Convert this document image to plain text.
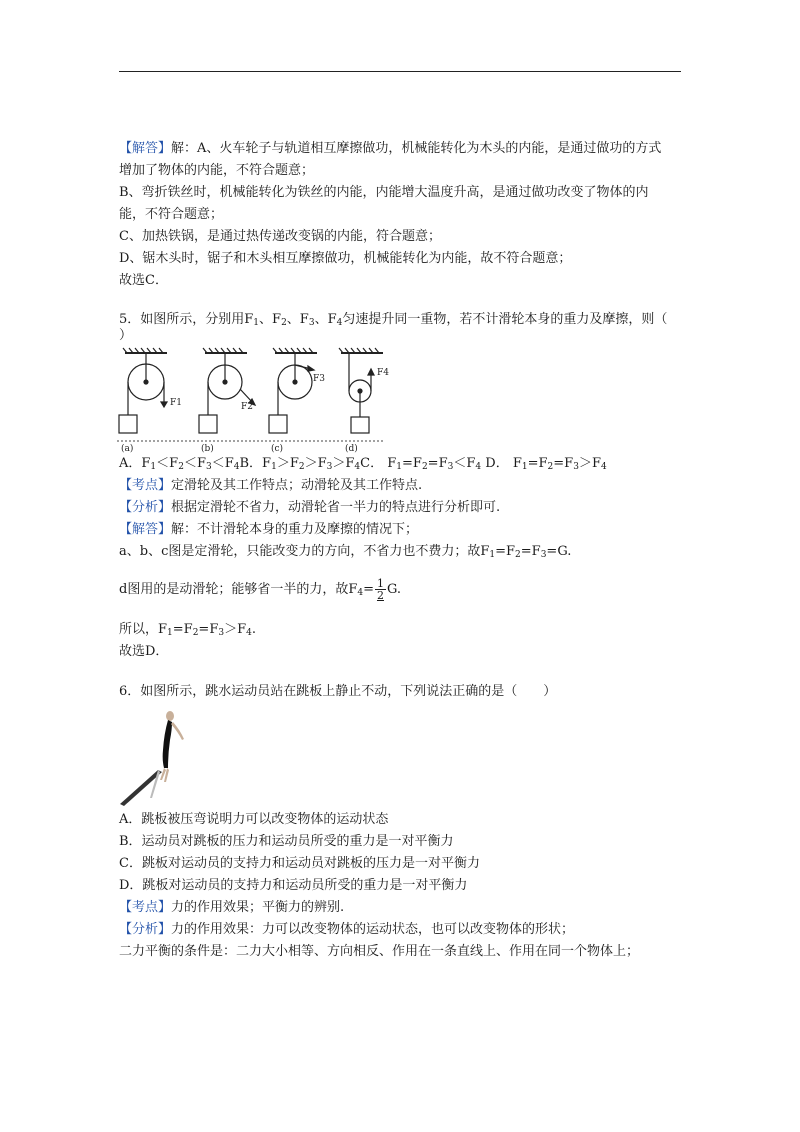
【解答】解：A、火车轮子与轨道相互摩擦做功，机械能转化为木头的内能，是通过做功的方式
增加了物体的内能，不符合题意；
B、弯折铁丝时，机械能转化为铁丝的内能，内能增大温度升高，是通过做功改变了物体的内
能，不符合题意；
C、加热铁锅，是通过热传递改变锅的内能，符合题意；
D、锯木头时，锯子和木头相互摩擦做功，机械能转化为内能，故不符合题意；
故选C．
5．如图所示，分别用$F_1$、$F_2$、$F_3$、$F_4$匀速提升同一重物，若不计滑轮本身的重力及摩擦，则（
）
F1	F2
F3
F4
(a)	(b)	(c)	(d)
A．$F_1<F_2<F_3<F_4B$．$F_1>F_2>F_3>F_4C$． $F_1=F_2=F_3<F_4$ D． $F_1=F_2=F_3>F_4$
【考点】定滑轮及其工作特点；动滑轮及其工作特点.
【分析】根据定滑轮不省力，动滑轮省一半力的特点进行分析即可.
【解答】解：不计滑轮本身的重力及摩擦的情况下；
a、b、c图是定滑轮，只能改变力的方向，不省力也不费力；故$F_1=F_2=F_3=G$.
d图用的是动滑轮；能够省一半的力，故$F_4= \frac{1}{2} G$.
所以，$F_1=F_2=F_3>F_4$.
故选D．
6．如图所示，跳水运动员站在跳板上静止不动，下列说法正确的是（　　）
A．跳板被压弯说明力可以改变物体的运动状态
B．运动员对跳板的压力和运动员所受的重力是一对平衡力
C．跳板对运动员的支持力和运动员对跳板的压力是一对平衡力
D．跳板对运动员的支持力和运动员所受的重力是一对平衡力
【考点】力的作用效果；平衡力的辨别.
【分析】力的作用效果：力可以改变物体的运动状态，也可以改变物体的形状；
二力平衡的条件是：二力大小相等、方向相反、作用在一条直线上、作用在同一个物体上；
